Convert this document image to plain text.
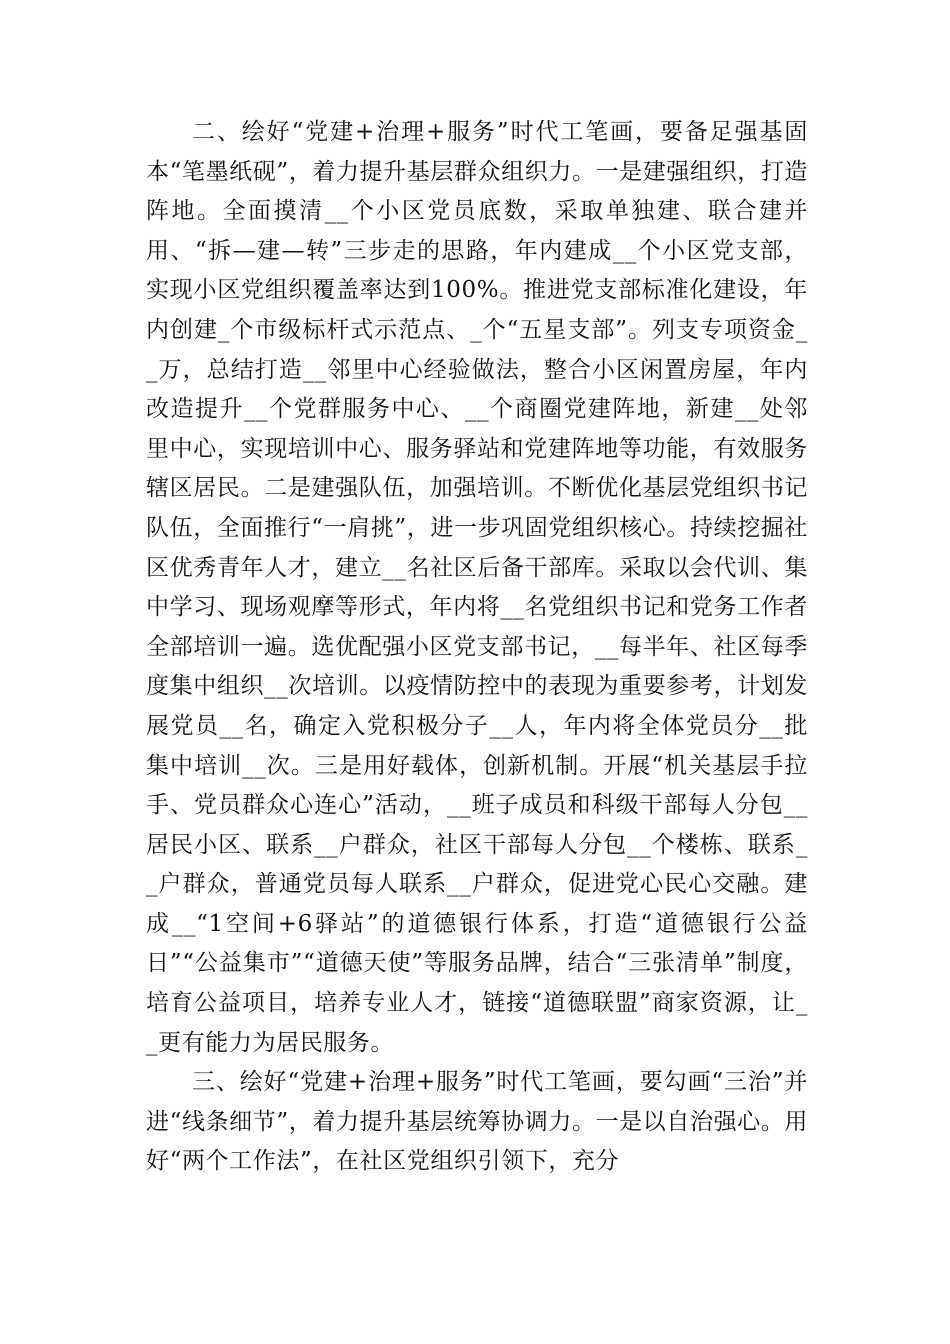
二、绘好“党建+治理+服务”时代工笔画，要备足强基固本“笔墨纸砚”，着力提升基层群众组织力。一是建强组织，打造阵地。全面摸清__个小区党员底数，采取单独建、联合建并用、“拆—建—转”三步走的思路，年内建成__个小区党支部，实现小区党组织覆盖率达到100%。推进党支部标准化建设，年内创建_个市级标杆式示范点、_个“五星支部”。列支专项资金__万，总结打造__邻里中心经验做法，整合小区闲置房屋，年内改造提升__个党群服务中心、__个商圈党建阵地，新建__处邻里中心，实现培训中心、服务驿站和党建阵地等功能，有效服务辖区居民。二是建强队伍，加强培训。不断优化基层党组织书记队伍，全面推行“一肩挑”，进一步巩固党组织核心。持续挖掘社区优秀青年人才，建立__名社区后备干部库。采取以会代训、集中学习、现场观摩等形式，年内将__名党组织书记和党务工作者全部培训一遍。选优配强小区党支部书记，__每半年、社区每季度集中组织__次培训。以疫情防控中的表现为重要参考，计划发展党员__名，确定入党积极分子__人，年内将全体党员分__批集中培训__次。三是用好载体，创新机制。开展“机关基层手拉手、党员群众心连心”活动，__班子成员和科级干部每人分包__居民小区、联系__户群众，社区干部每人分包__个楼栋、联系__户群众，普通党员每人联系__户群众，促进党心民心交融。建成__“1空间+6驿站”的道德银行体系，打造“道德银行公益日”“公益集市”“道德天使”等服务品牌，结合“三张清单”制度，培育公益项目，培养专业人才，链接“道德联盟”商家资源，让__更有能力为居民服务。

三、绘好“党建+治理+服务”时代工笔画，要勾画“三治”并进“线条细节”，着力提升基层统筹协调力。一是以自治强心。用好“两个工作法”，在社区党组织引领下，充分
